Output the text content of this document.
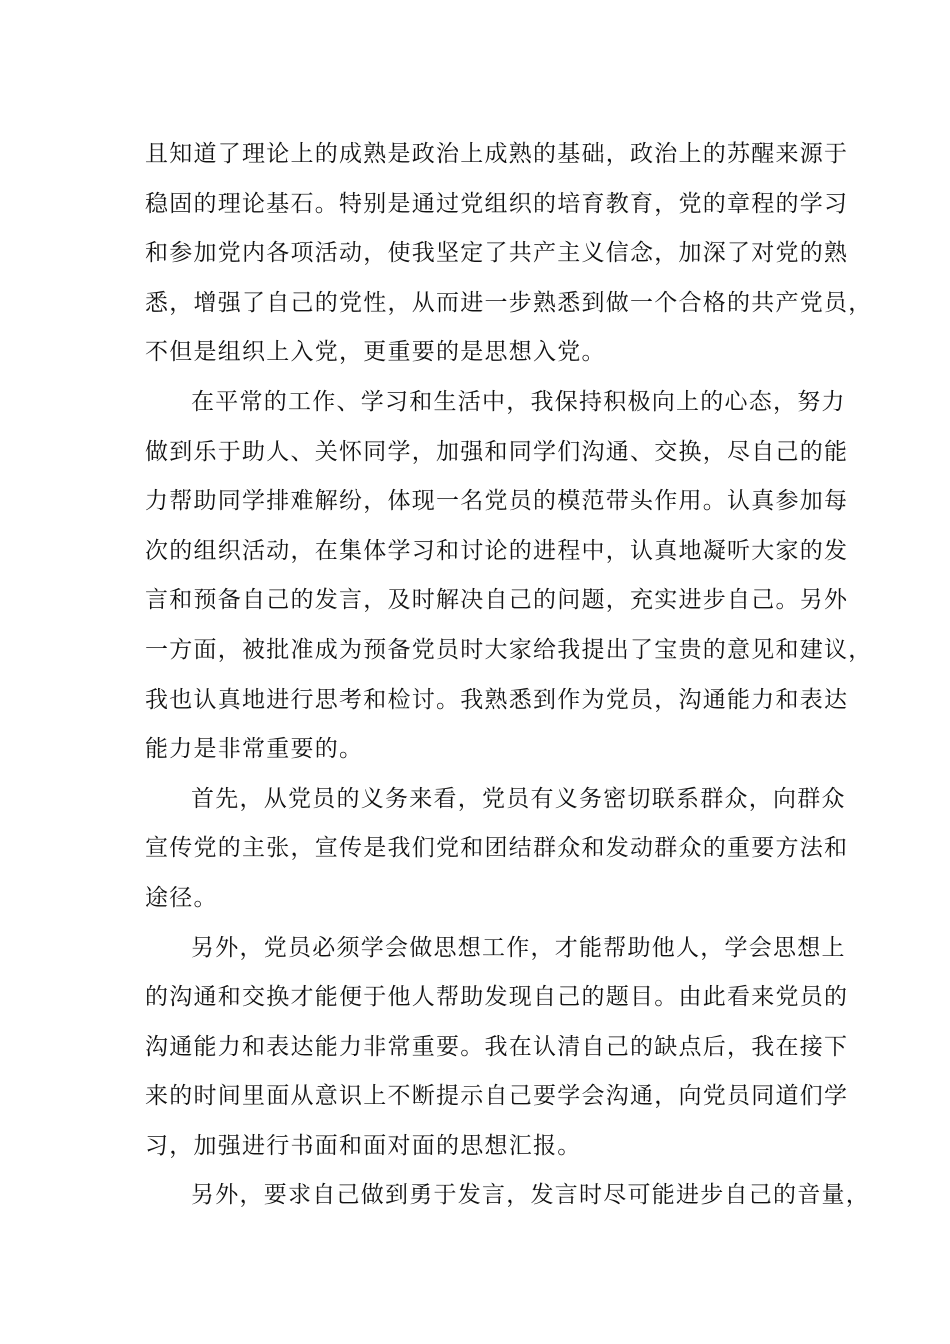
且知道了理论上的成熟是政治上成熟的基础，政治上的苏醒来源于
稳固的理论基石。特别是通过党组织的培育教育，党的章程的学习
和参加党内各项活动，使我坚定了共产主义信念，加深了对党的熟
悉，增强了自己的党性，从而进一步熟悉到做一个合格的共产党员，
不但是组织上入党，更重要的是思想入党。
在平常的工作、学习和生活中，我保持积极向上的心态，努力
做到乐于助人、关怀同学，加强和同学们沟通、交换，尽自己的能
力帮助同学排难解纷，体现一名党员的模范带头作用。认真参加每
次的组织活动，在集体学习和讨论的进程中，认真地凝听大家的发
言和预备自己的发言，及时解决自己的问题，充实进步自己。另外
一方面，被批准成为预备党员时大家给我提出了宝贵的意见和建议，
我也认真地进行思考和检讨。我熟悉到作为党员，沟通能力和表达
能力是非常重要的。
首先，从党员的义务来看，党员有义务密切联系群众，向群众
宣传党的主张，宣传是我们党和团结群众和发动群众的重要方法和
途径。
另外，党员必须学会做思想工作，才能帮助他人，学会思想上
的沟通和交换才能便于他人帮助发现自己的题目。由此看来党员的
沟通能力和表达能力非常重要。我在认清自己的缺点后，我在接下
来的时间里面从意识上不断提示自己要学会沟通，向党员同道们学
习，加强进行书面和面对面的思想汇报。
另外，要求自己做到勇于发言，发言时尽可能进步自己的音量，
